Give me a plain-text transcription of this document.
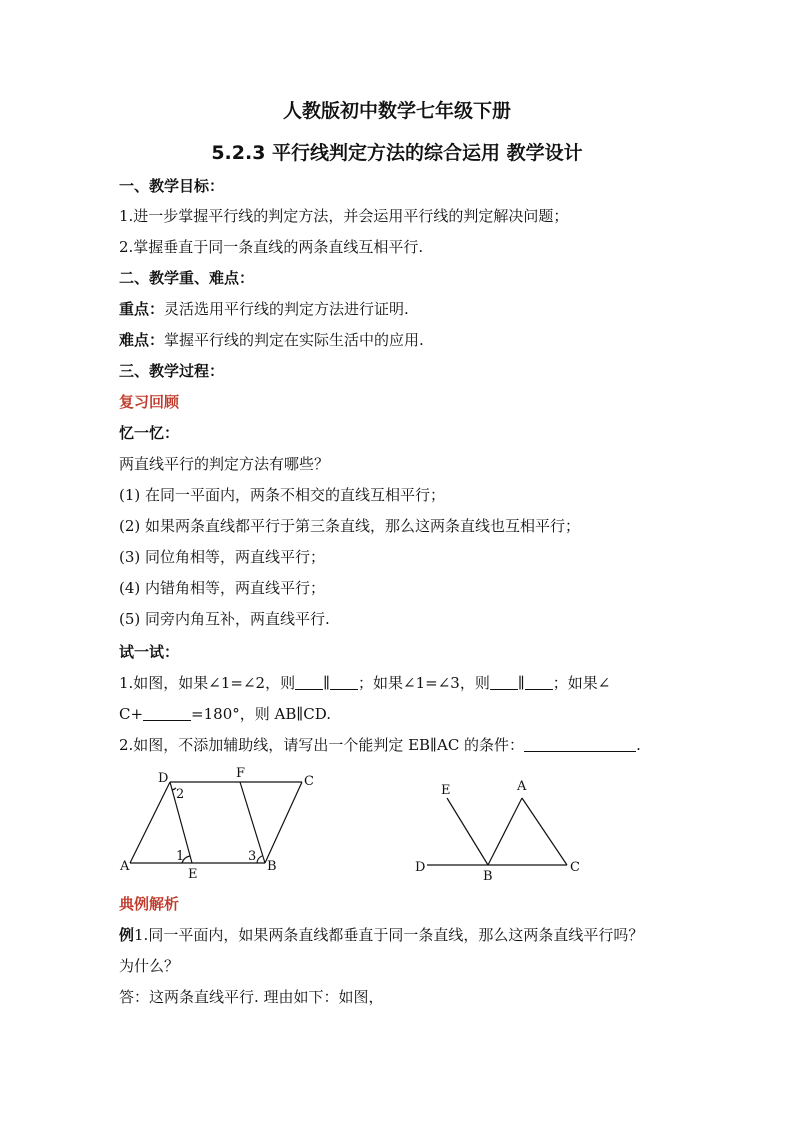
人教版初中数学七年级下册
5.2.3 平行线判定方法的综合运用 教学设计
一、教学目标：
1.进一步掌握平行线的判定方法，并会运用平行线的判定解决问题；
2.掌握垂直于同一条直线的两条直线互相平行.
二、教学重、难点：
重点：灵活选用平行线的判定方法进行证明.
难点：掌握平行线的判定在实际生活中的应用.
三、教学过程：
复习回顾
忆一忆：
两直线平行的判定方法有哪些？
(1) 在同一平面内，两条不相交的直线互相平行；
(2) 如果两条直线都平行于第三条直线，那么这两条直线也互相平行；
(3) 同位角相等，两直线平行；
(4) 内错角相等，两直线平行；
(5) 同旁内角互补，两直线平行.
试一试：
1.如图，如果∠1=∠2，则 ∥ ；如果∠1=∠3，则 ∥ ；如果∠
C+	=180°，则 AB∥CD.
2.如图，不添加辅助线，请写出一个能判定 EB∥AC 的条件：	.
D	F
C
A
E
B
1
2
3
E	A
D
B
C
典例解析
例1.同一平面内，如果两条直线都垂直于同一条直线，那么这两条直线平行吗？
为什么？
答：这两条直线平行. 理由如下：如图，
